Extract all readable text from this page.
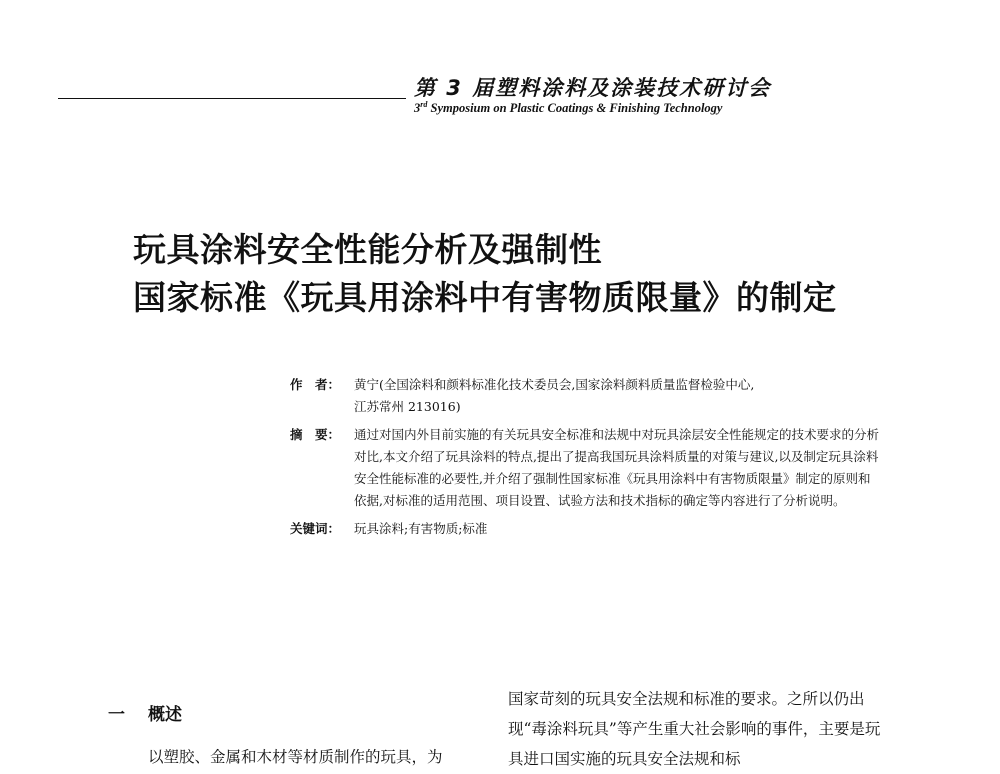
第 3 届塑料涂料及涂装技术研讨会
3rd Symposium on Plastic Coatings & Finishing Technology
玩具涂料安全性能分析及强制性
国家标准《玩具用涂料中有害物质限量》的制定
作　者：	黄宁(全国涂料和颜料标准化技术委员会,国家涂料颜料质量监督检验中心,
江苏常州 213016)
摘　要：	通过对国内外目前实施的有关玩具安全标准和法规中对玩具涂层安全性能规定的技术要求的分析对比,本文介绍了玩具涂料的特点,提出了提高我国玩具涂料质量的对策与建议,以及制定玩具涂料安全性能标准的必要性,并介绍了强制性国家标准《玩具用涂料中有害物质限量》制定的原则和依据,对标准的适用范围、项目设置、试验方法和技术指标的确定等内容进行了分析说明。
关键词：	玩具涂料;有害物质;标准
一 概述
以塑胶、金属和木材等材质制作的玩具，为
国家苛刻的玩具安全法规和标准的要求。之所以仍出现“毒涂料玩具”等产生重大社会影响的事件，主要是玩具进口国实施的玩具安全法规和标
